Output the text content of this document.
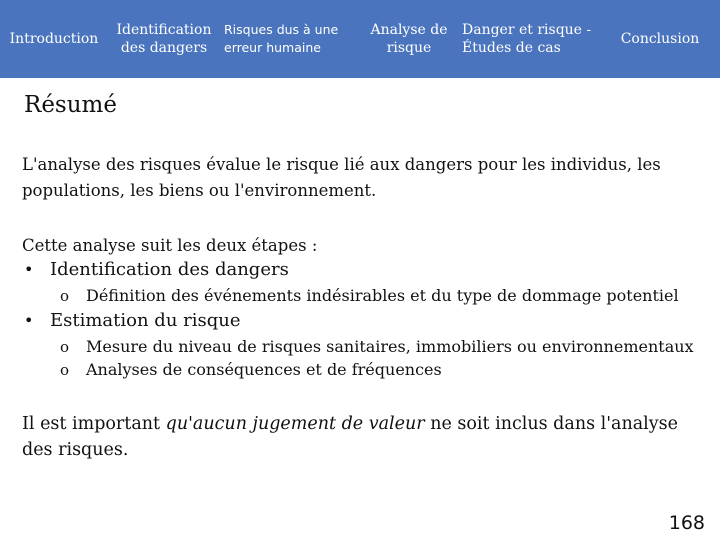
Introduction
Identification des dangers
Risques dus à une erreur humaine
Analyse de risque
Danger et risque - Études de cas
Conclusion
Résumé
L'analyse des risques évalue le risque lié aux dangers pour les individus, les populations, les biens ou l'environnement.
Cette analyse suit les deux étapes :
• Identification des dangers
o	Définition des événements indésirables et du type de dommage potentiel
• Estimation du risque
o	Mesure du niveau de risques sanitaires, immobiliers ou environnementaux
o	Analyses de conséquences et de fréquences
Il est important qu'aucun jugement de valeur ne soit inclus dans l'analyse des risques.
168
